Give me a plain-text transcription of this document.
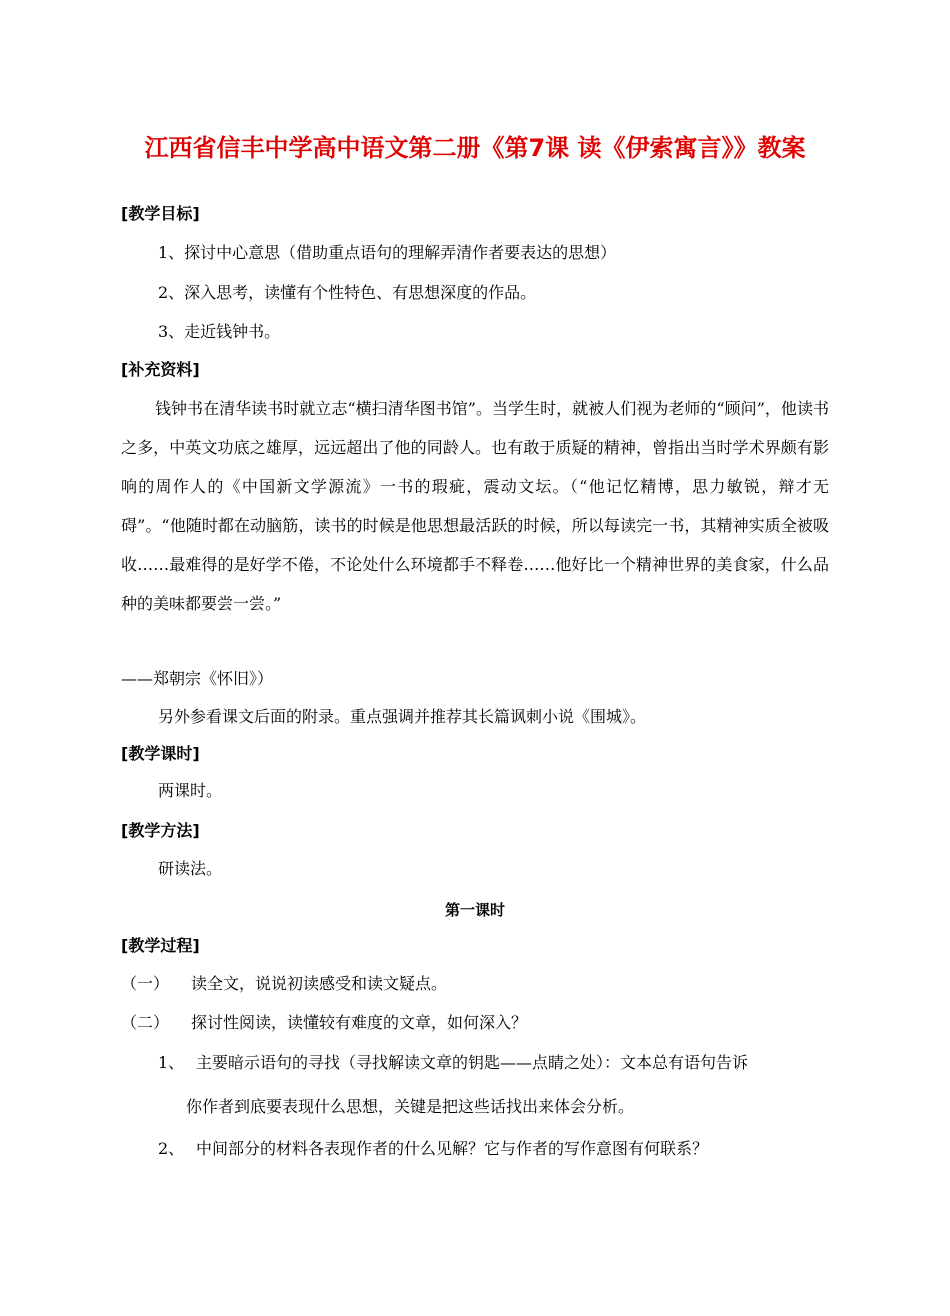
江西省信丰中学高中语文第二册《第7课 读《伊索寓言》》教案
[教学目标]
1、探讨中心意思（借助重点语句的理解弄清作者要表达的思想）
2、深入思考，读懂有个性特色、有思想深度的作品。
3、走近钱钟书。
[补充资料]
钱钟书在清华读书时就立志“横扫清华图书馆”。当学生时，就被人们视为老师的“顾问”，他读书之多，中英文功底之雄厚，远远超出了他的同龄人。也有敢于质疑的精神，曾指出当时学术界颇有影响的周作人的《中国新文学源流》一书的瑕疵，震动文坛。（“他记忆精博，思力敏锐，辩才无碍”。“他随时都在动脑筋，读书的时候是他思想最活跃的时候，所以每读完一书，其精神实质全被吸收……最难得的是好学不倦，不论处什么环境都手不释卷……他好比一个精神世界的美食家，什么品种的美味都要尝一尝。”
——郑朝宗《怀旧》）
另外参看课文后面的附录。重点强调并推荐其长篇讽刺小说《围城》。
[教学课时]
两课时。
[教学方法]
研读法。
第一课时
[教学过程]
（一） 读全文，说说初读感受和读文疑点。
（二） 探讨性阅读，读懂较有难度的文章，如何深入？
1、 主要暗示语句的寻找（寻找解读文章的钥匙——点睛之处）：文本总有语句告诉
你作者到底要表现什么思想，关键是把这些话找出来体会分析。
2、 中间部分的材料各表现作者的什么见解？它与作者的写作意图有何联系？
